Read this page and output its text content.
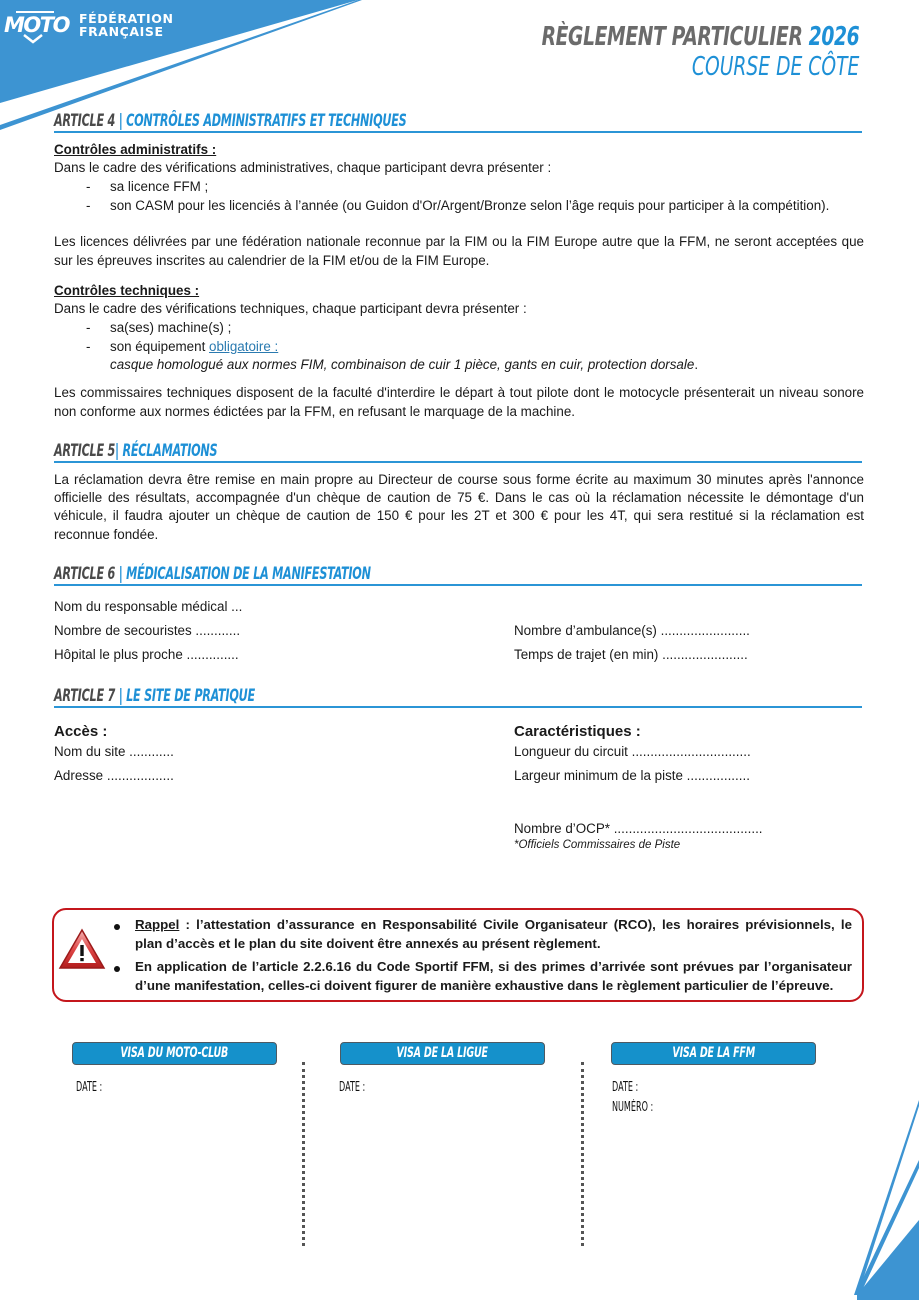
MOTO FÉDÉRATION
FRANÇAISE	RÈGLEMENT PARTICULIER 2026
COURSE DE CÔTE
ARTICLE 4 | CONTRÔLES ADMINISTRATIFS ET TECHNIQUES
Contrôles administratifs :
Dans le cadre des vérifications administratives, chaque participant devra présenter :
- sa licence FFM ;
- son CASM pour les licenciés à l’année (ou Guidon d'Or/Argent/Bronze selon l’âge requis pour participer à la compétition).
Les licences délivrées par une fédération nationale reconnue par la FIM ou la FIM Europe autre que la FFM, ne seront acceptées que sur les épreuves inscrites au calendrier de la FIM et/ou de la FIM Europe.
Contrôles techniques :
Dans le cadre des vérifications techniques, chaque participant devra présenter :
- sa(ses) machine(s) ;
- son équipement obligatoire :
casque homologué aux normes FIM, combinaison de cuir 1 pièce, gants en cuir, protection dorsale.
Les commissaires techniques disposent de la faculté d'interdire le départ à tout pilote dont le motocycle présenterait un niveau sonore non conforme aux normes édictées par la FFM, en refusant le marquage de la machine.
ARTICLE 5| RÉCLAMATIONS
La réclamation devra être remise en main propre au Directeur de course sous forme écrite au maximum 30 minutes après l'annonce officielle des résultats, accompagnée d'un chèque de caution de 75 €. Dans le cas où la réclamation nécessite le démontage d'un véhicule, il faudra ajouter un chèque de caution de 150 € pour les 2T et 300 € pour les 4T, qui sera restitué si la réclamation est reconnue fondée.
ARTICLE 6 | MÉDICALISATION DE LA MANIFESTATION
Nom du responsable médical ...
Nombre de secouristes ............
Hôpital le plus proche ..............
Nombre d’ambulance(s) ........................
Temps de trajet (en min) .......................
ARTICLE 7 | LE SITE DE PRATIQUE
Accès :
Nom du site ............
Adresse ..................
Caractéristiques :
Longueur du circuit ................................
Largeur minimum de la piste .................
Nombre d’OCP* ........................................
*Officiels Commissaires de Piste
Rappel : l’attestation d’assurance en Responsabilité Civile Organisateur (RCO), les horaires prévisionnels, le plan d’accès et le plan du site doivent être annexés au présent règlement.
En application de l’article 2.2.6.16 du Code Sportif FFM, si des primes d’arrivée sont prévues par l’organisateur d’une manifestation, celles-ci doivent figurer de manière exhaustive dans le règlement particulier de l’épreuve.
VISA DU MOTO-CLUB
DATE :
VISA DE LA LIGUE
DATE :
VISA DE LA FFM
DATE :
NUMÉRO :
